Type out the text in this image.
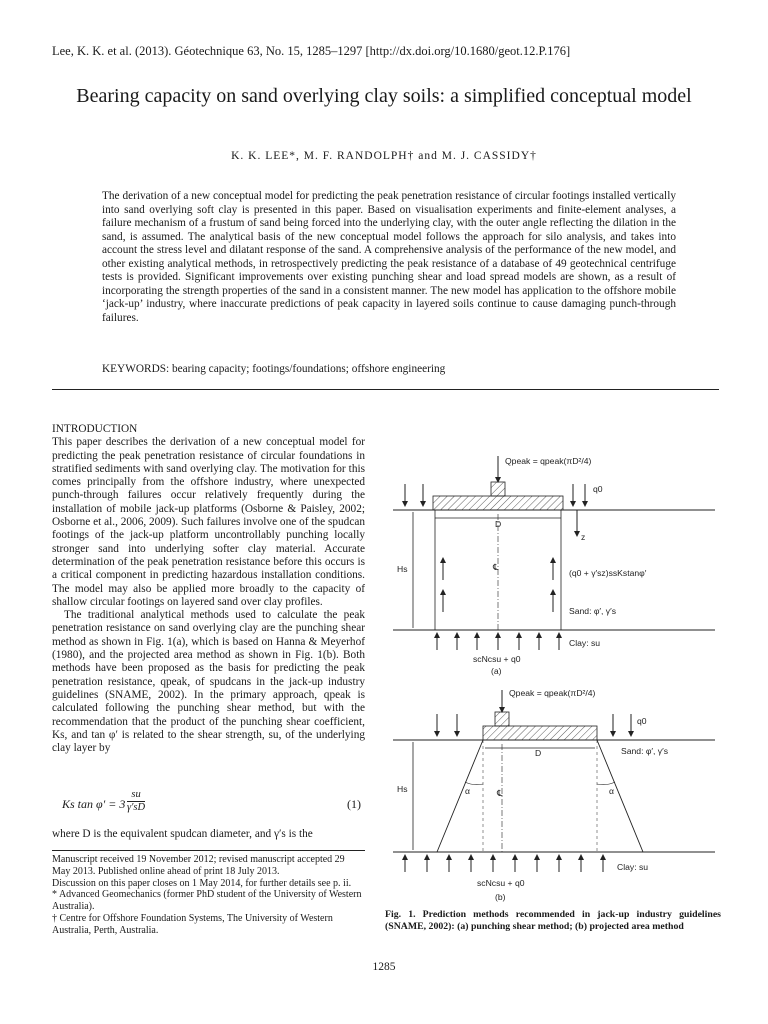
Lee, K. K. et al. (2013). Géotechnique 63, No. 15, 1285–1297 [http://dx.doi.org/10.1680/geot.12.P.176]
Bearing capacity on sand overlying clay soils: a simplified conceptual model
K. K. LEE*, M. F. RANDOLPH† and M. J. CASSIDY†
The derivation of a new conceptual model for predicting the peak penetration resistance of circular footings installed vertically into sand overlying soft clay is presented in this paper. Based on visualisation experiments and finite-element analyses, a failure mechanism of a frustum of sand being forced into the underlying clay, with the outer angle reflecting the dilation in the sand, is assumed. The analytical basis of the new conceptual model follows the approach for silo analysis, and takes into account the stress level and dilatant response of the sand. A comprehensive analysis of the performance of the new model, and other existing analytical methods, in retrospectively predicting the peak resistance of a database of 49 geotechnical centrifuge tests is provided. Significant improvements over existing punching shear and load spread models are shown, as a result of incorporating the strength properties of the sand in a consistent manner. The new model has application to the offshore mobile ‘jack-up’ industry, where inaccurate predictions of peak capacity in layered soils continue to cause damaging punch-through failures.
KEYWORDS: bearing capacity; footings/foundations; offshore engineering

INTRODUCTION

This paper describes the derivation of a new conceptual model for predicting the peak penetration resistance of circular foundations in stratified sediments with sand overlying clay. The motivation for this comes principally from the offshore industry, where unexpected punch-through failures occur relatively frequently during the installation of mobile jack-up platforms (Osborne & Paisley, 2002; Osborne et al., 2006, 2009). Such failures involve one of the spudcan footings of the jack-up platform uncontrollably punching locally stronger sand into underlying softer clay material. Accurate determination of the peak penetration resistance before this occurs is a critical component in predicting hazardous installation conditions. The model may also be applied more broadly to the capacity of shallow circular footings on layered sand over clay profiles.

The traditional analytical methods used to calculate the peak penetration resistance on sand overlying clay are the punching shear method as shown in Fig. 1(a), which is based on Hanna & Meyerhof (1980), and the projected area method as shown in Fig. 1(b). Both methods have been proposed as the basis for predicting the peak penetration resistance, qpeak, of spudcans in the jack-up industry guidelines (SNAME, 2002). In the primary approach, qpeak is calculated following the punching shear method, but with the recommendation that the product of the punching shear coefficient, Ks, and tan φ′ is related to the shear strength, su, of the underlying clay layer by

Ks $\tan \varphi' = 3 \frac{su}{\gamma'sD}$	(1)
where D is the equivalent spudcan diameter, and γ′s is the

Manuscript received 19 November 2012; revised manuscript accepted 29 May 2013. Published online ahead of print 18 July 2013.

Discussion on this paper closes on 1 May 2014, for further details see p. ii.

* Advanced Geomechanics (former PhD student of the University of Western Australia).

† Centre for Offshore Foundation Systems, The University of Western Australia, Perth, Australia.

Qpeak = qpeak(πD²/4)
q0
D
z
℄
Hs	(q0 + γ′sz)ssKstanφ′
Sand: φ′, γ′s
Clay: su
scNcsu + q0
(a)
Qpeak = qpeak(πD²/4)
q0
D	Sand: φ′, γ′s
α	α
℄
Hs
Clay: su
scNcsu + q0
(b)
Fig. 1. Prediction methods recommended in jack-up industry guidelines (SNAME, 2002): (a) punching shear method; (b) projected area method
1285
